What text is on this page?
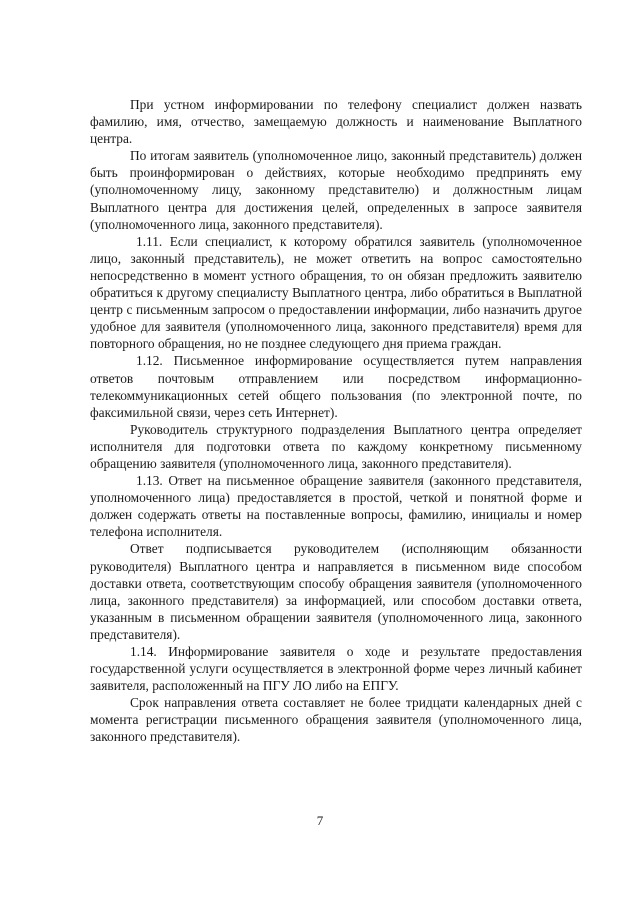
При устном информировании по телефону специалист должен назвать фамилию, имя, отчество, замещаемую должность и наименование Выплатного центра.

По итогам заявитель (уполномоченное лицо, законный представитель) должен быть проинформирован о действиях, которые необходимо предпринять ему (уполномоченному лицу, законному представителю) и должностным лицам Выплатного центра для достижения целей, определенных в запросе заявителя (уполномоченного лица, законного представителя).

1.11. Если специалист, к которому обратился заявитель (уполномоченное лицо, законный представитель), не может ответить на вопрос самостоятельно непосредственно в момент устного обращения, то он обязан предложить заявителю обратиться к другому специалисту Выплатного центра, либо обратиться в Выплатной центр с письменным запросом о предоставлении информации, либо назначить другое удобное для заявителя (уполномоченного лица, законного представителя) время для повторного обращения, но не позднее следующего дня приема граждан.

1.12. Письменное информирование осуществляется путем направления ответов почтовым отправлением или посредством информационно-телекоммуникационных сетей общего пользования (по электронной почте, по факсимильной связи, через сеть Интернет).

Руководитель структурного подразделения Выплатного центра определяет исполнителя для подготовки ответа по каждому конкретному письменному обращению заявителя (уполномоченного лица, законного представителя).

1.13. Ответ на письменное обращение заявителя (законного представителя, уполномоченного лица) предоставляется в простой, четкой и понятной форме и должен содержать ответы на поставленные вопросы, фамилию, инициалы и номер телефона исполнителя.

Ответ подписывается руководителем (исполняющим обязанности руководителя) Выплатного центра и направляется в письменном виде способом доставки ответа, соответствующим способу обращения заявителя (уполномоченного лица, законного представителя) за информацией, или способом доставки ответа, указанным в письменном обращении заявителя (уполномоченного лица, законного представителя).

1.14. Информирование заявителя о ходе и результате предоставления государственной услуги осуществляется в электронной форме через личный кабинет заявителя, расположенный на ПГУ ЛО либо на ЕПГУ.

Срок направления ответа составляет не более тридцати календарных дней с момента регистрации письменного обращения заявителя (уполномоченного лица, законного представителя).

7
